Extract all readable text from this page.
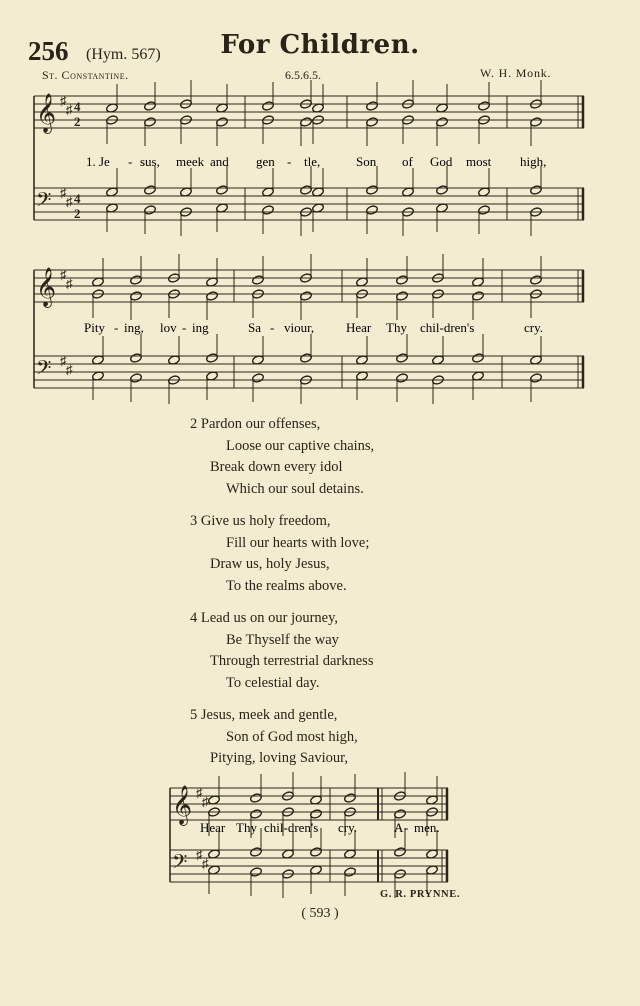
256 (Hym. 567)	For Children.
St. Constantine.	6.5.6.5.	W. H. Monk.
𝄞
𝄢
♯
♯
♯
♯
4
2
4
2
𝄞
𝄢
♯
♯
♯
♯
𝄞
𝄢
♯
♯
♯
♯
1. Je - sus, meek and gen - tle,	Son of God most high,
Pity - ing, lov - ing	Sa - viour, Hear Thy chil-dren's	cry.
Hear Thy chil-dren's cry.	A - men.
2 Pardon our offenses,
Loose our captive chains,
Break down every idol
Which our soul detains.
3 Give us holy freedom,
Fill our hearts with love;
Draw us, holy Jesus,
To the realms above.
4 Lead us on our journey,
Be Thyself the way
Through terrestrial darkness
To celestial day.
5 Jesus, meek and gentle,
Son of God most high,
Pitying, loving Saviour,
G. R. PRYNNE.
( 593 )
